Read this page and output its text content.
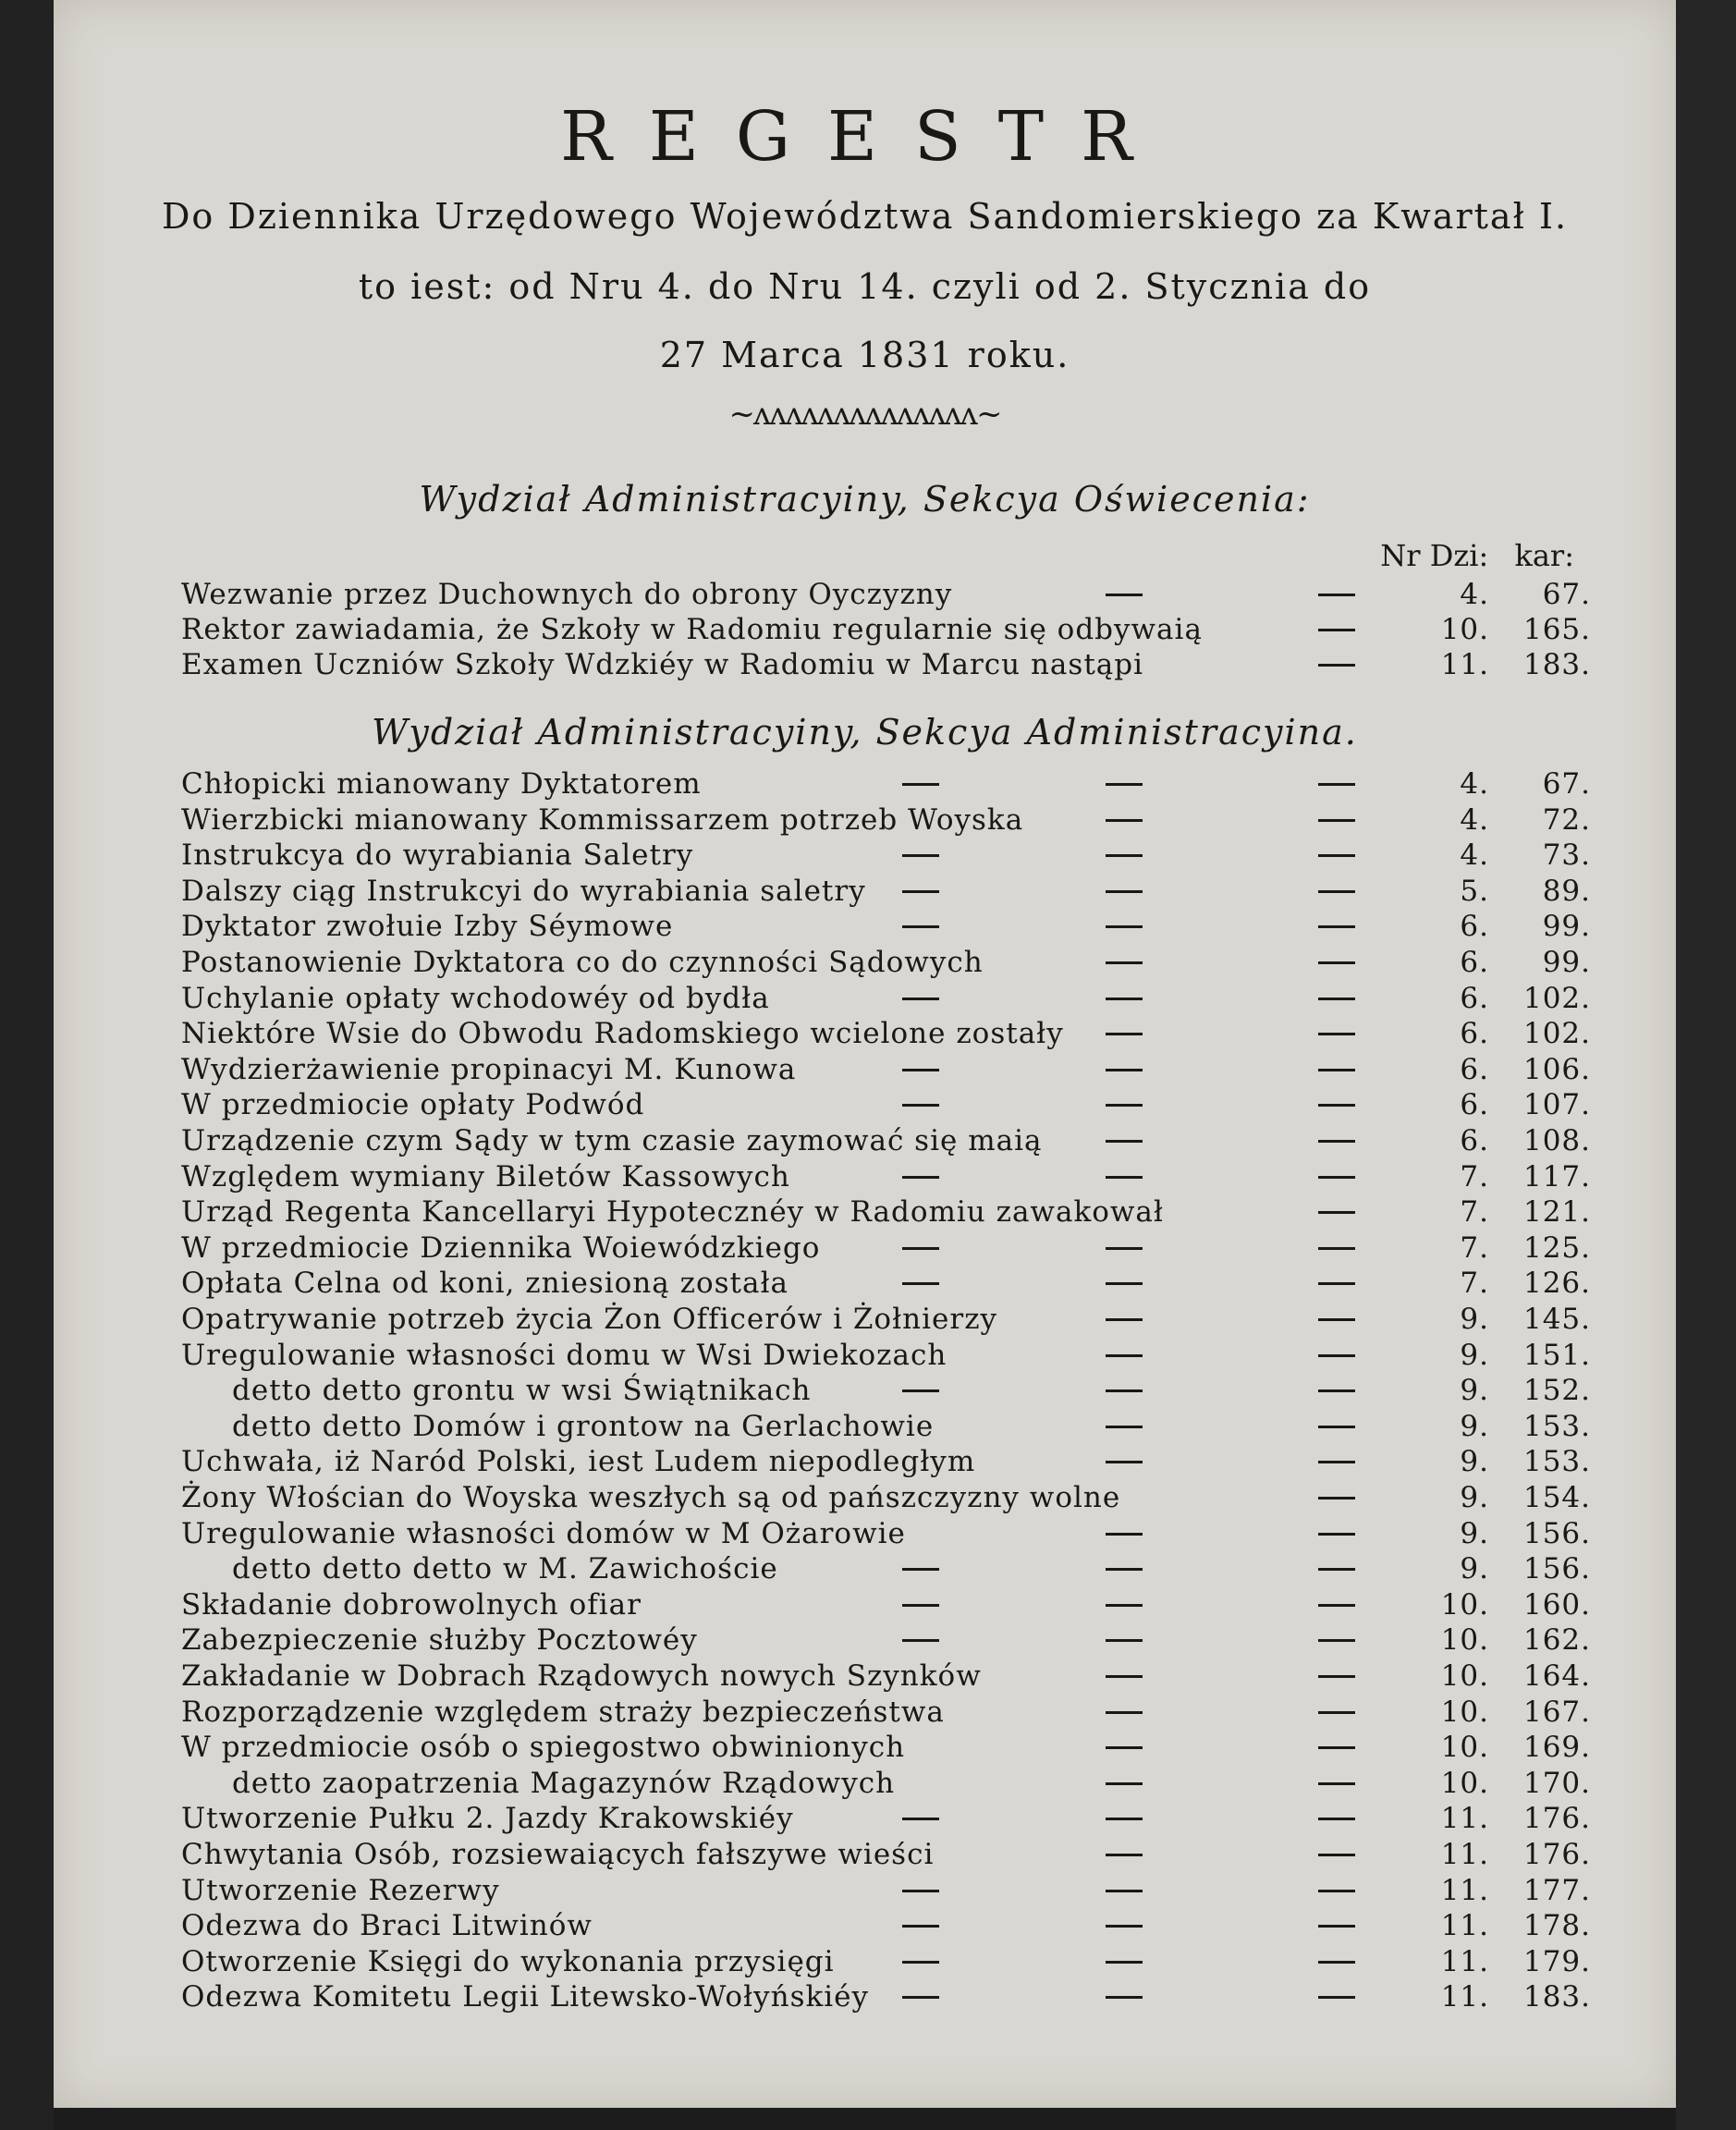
REGESTR
Do Dziennika Urzędowego Województwa Sandomierskiego za Kwartał I.
to iest: od Nru 4. do Nru 14. czyli od 2. Stycznia do
27 Marca 1831 roku.
~ʌʌʌʌʌʌʌʌʌʌʌʌʌʌ~
Wydział Administracyiny, Sekcya Oświecenia:
Nr Dzi: kar:
Wezwanie przez Duchownych do obrony Oyczyzny	4.	67.
Rektor zawiadamia, że Szkoły w Radomiu regularnie się odbywaią	10.	165.
Examen Uczniów Szkoły Wdzkiéy w Radomiu w Marcu nastąpi	11.	183.
Wydział Administracyiny, Sekcya Administracyina.
Chłopicki mianowany Dyktatorem	4.	67.
Wierzbicki mianowany Kommissarzem potrzeb Woyska	4.	72.
Instrukcya do wyrabiania Saletry	4.	73.
Dalszy ciąg Instrukcyi do wyrabiania saletry	5.	89.
Dyktator zwołuie Izby Séymowe	6.	99.
Postanowienie Dyktatora co do czynności Sądowych	6.	99.
Uchylanie opłaty wchodowéy od bydła	6.	102.
Niektóre Wsie do Obwodu Radomskiego wcielone zostały	6.	102.
Wydzierżawienie propinacyi M. Kunowa	6.	106.
W przedmiocie opłaty Podwód	6.	107.
Urządzenie czym Sądy w tym czasie zaymować się maią	6.	108.
Względem wymiany Biletów Kassowych	7.	117.
Urząd Regenta Kancellaryi Hypotecznéy w Radomiu zawakował	7.	121.
W przedmiocie Dziennika Woiewódzkiego	7.	125.
Opłata Celna od koni, zniesioną została	7.	126.
Opatrywanie potrzeb życia Żon Officerów i Żołnierzy	9.	145.
Uregulowanie własności domu w Wsi Dwiekozach	9.	151.
detto detto grontu w wsi Świątnikach	9.	152.
detto detto Domów i grontow na Gerlachowie	9.	153.
Uchwała, iż Naród Polski, iest Ludem niepodległym	9.	153.
Żony Włościan do Woyska weszłych są od pańszczyzny wolne	9.	154.
Uregulowanie własności domów w M Ożarowie	9.	156.
detto detto detto w M. Zawichoście	9.	156.
Składanie dobrowolnych ofiar	10.	160.
Zabezpieczenie służby Pocztowéy	10.	162.
Zakładanie w Dobrach Rządowych nowych Szynków	10.	164.
Rozporządzenie względem straży bezpieczeństwa	10.	167.
W przedmiocie osób o spiegostwo obwinionych	10.	169.
detto zaopatrzenia Magazynów Rządowych	10.	170.
Utworzenie Pułku 2. Jazdy Krakowskiéy	11.	176.
Chwytania Osób, rozsiewaiących fałszywe wieści	11.	176.
Utworzenie Rezerwy	11.	177.
Odezwa do Braci Litwinów	11.	178.
Otworzenie Księgi do wykonania przysięgi	11.	179.
Odezwa Komitetu Legii Litewsko-Wołyńskiéy	11.	183.
